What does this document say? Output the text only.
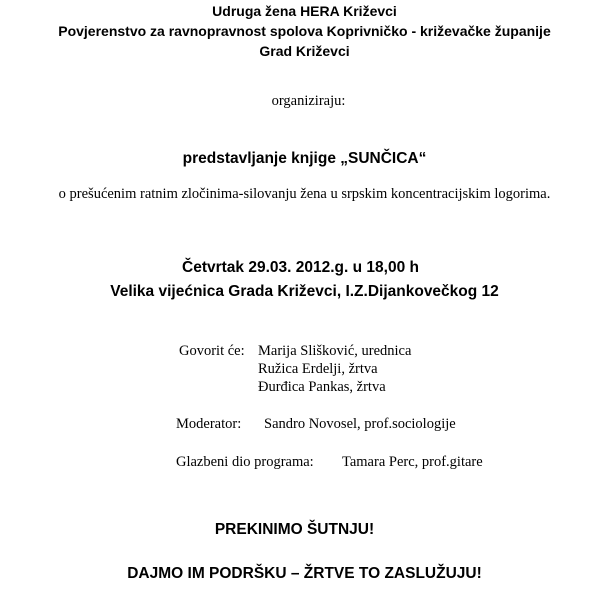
Udruga žena HERA Križevci
Povjerenstvo za ravnopravnost spolova Koprivničko - križevačke županije
Grad Križevci
organiziraju:
predstavljanje knjige „SUNČICA“
o prešućenim ratnim zločinima-silovanju žena u srpskim koncentracijskim logorima.
Četvrtak 29.03. 2012.g. u 18,00 h
Velika vijećnica Grada Križevci, I.Z.Dijankovečkog 12
Govorit će: Marija Slišković, urednica
Ružica Erdelji, žrtva
Đurđica Pankas, žrtva
Moderator: Sandro Novosel, prof.sociologije
Glazbeni dio programa: Tamara Perc, prof.gitare
PREKINIMO ŠUTNJU!
DAJMO IM PODRŠKU – ŽRTVE TO ZASLUŽUJU!
